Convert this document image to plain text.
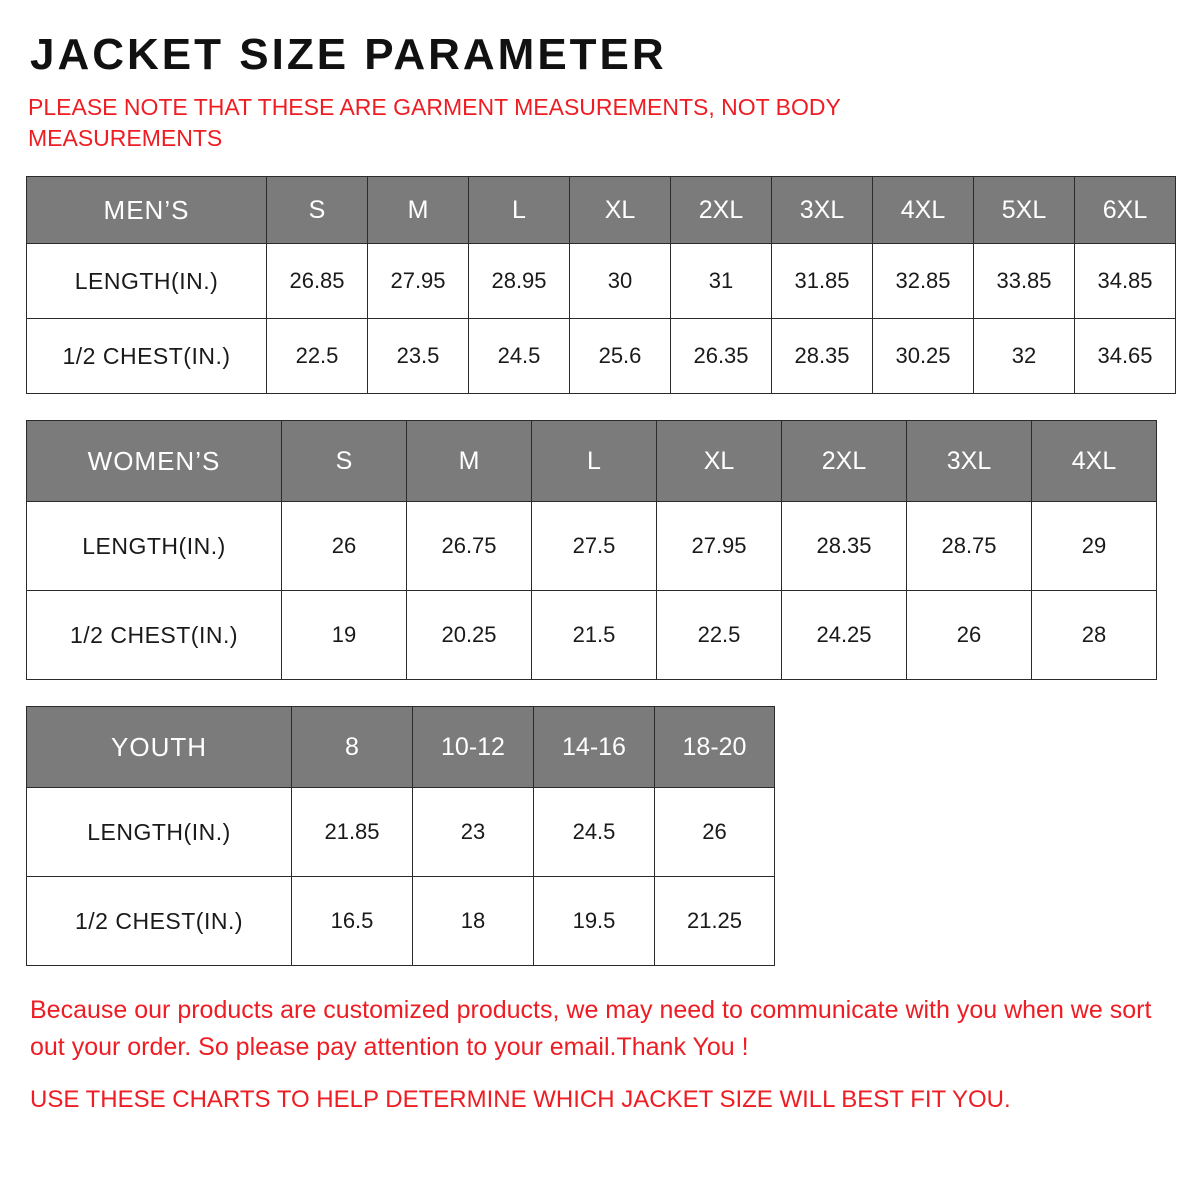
JACKET SIZE PARAMETER
PLEASE NOTE THAT THESE ARE GARMENT MEASUREMENTS, NOT BODY MEASUREMENTS
MEN’S	S	M	L	XL	2XL	3XL	4XL	5XL	6XL
LENGTH(IN.)	26.85	27.95	28.95	30	31	31.85	32.85	33.85	34.85
1/2 CHEST(IN.)	22.5	23.5	24.5	25.6	26.35	28.35	30.25	32	34.65
WOMEN’S	S	M	L	XL	2XL	3XL	4XL
LENGTH(IN.)	26	26.75	27.5	27.95	28.35	28.75	29
1/2 CHEST(IN.)	19	20.25	21.5	22.5	24.25	26	28
YOUTH	8	10-12	14-16	18-20
LENGTH(IN.)	21.85	23	24.5	26
1/2 CHEST(IN.)	16.5	18	19.5	21.25
Because our products are customized products, we may need to communicate with you when we sort out your order. So please pay attention to your email.Thank You !
USE THESE CHARTS TO HELP DETERMINE WHICH JACKET SIZE WILL BEST FIT YOU.
